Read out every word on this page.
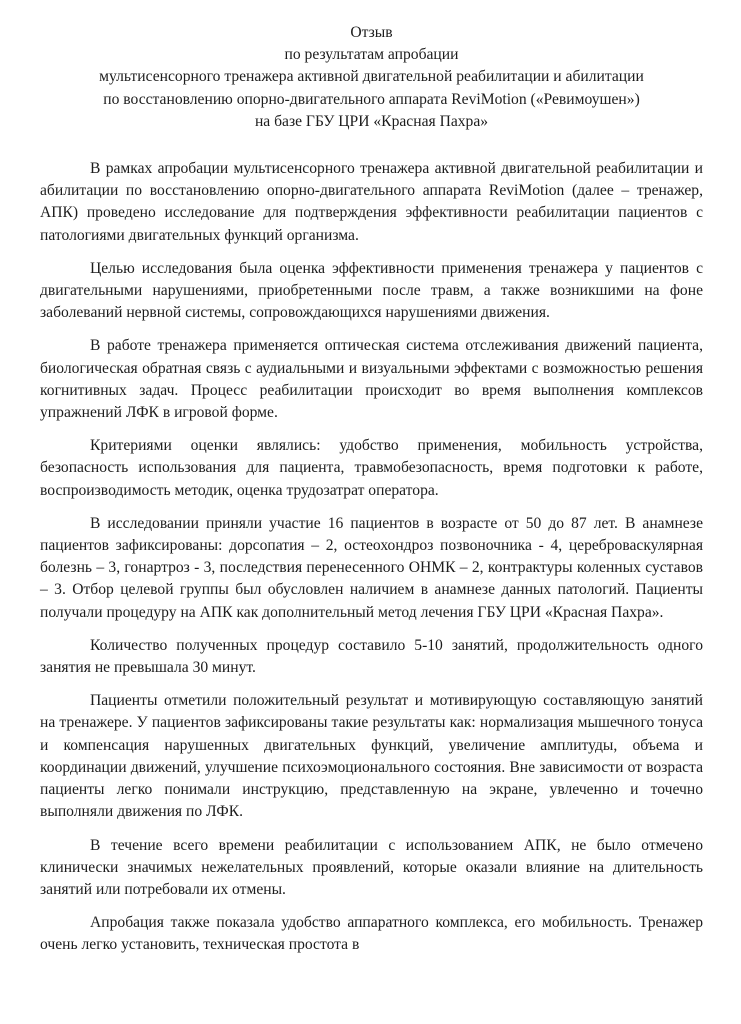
Отзыв
по результатам апробации
мультисенсорного тренажера активной двигательной реабилитации и абилитации
по восстановлению опорно-двигательного аппарата ReviMotion («Ревимоушен»)
на базе ГБУ ЦРИ «Красная Пахра»

В рамках апробации мультисенсорного тренажера активной двигательной реабилитации и абилитации по восстановлению опорно-двигательного аппарата ReviMotion (далее – тренажер, АПК) проведено исследование для подтверждения эффективности реабилитации пациентов с патологиями двигательных функций организма.

Целью исследования была оценка эффективности применения тренажера у пациентов с двигательными нарушениями, приобретенными после травм, а также возникшими на фоне заболеваний нервной системы, сопровождающихся нарушениями движения.

В работе тренажера применяется оптическая система отслеживания движений пациента, биологическая обратная связь с аудиальными и визуальными эффектами с возможностью решения когнитивных задач. Процесс реабилитации происходит во время выполнения комплексов упражнений ЛФК в игровой форме.

Критериями оценки являлись: удобство применения, мобильность устройства, безопасность использования для пациента, травмобезопасность, время подготовки к работе, воспроизводимость методик, оценка трудозатрат оператора.

В исследовании приняли участие 16 пациентов в возрасте от 50 до 87 лет. В анамнезе пациентов зафиксированы: дорсопатия – 2, остеохондроз позвоночника - 4, цереброваскулярная болезнь – 3, гонартроз - 3, последствия перенесенного ОНМК – 2, контрактуры коленных суставов – 3. Отбор целевой группы был обусловлен наличием в анамнезе данных патологий. Пациенты получали процедуру на АПК как дополнительный метод лечения ГБУ ЦРИ «Красная Пахра».

Количество полученных процедур составило 5-10 занятий, продолжительность одного занятия не превышала 30 минут.

Пациенты отметили положительный результат и мотивирующую составляющую занятий на тренажере. У пациентов зафиксированы такие результаты как: нормализация мышечного тонуса и компенсация нарушенных двигательных функций, увеличение амплитуды, объема и координации движений, улучшение психоэмоционального состояния. Вне зависимости от возраста пациенты легко понимали инструкцию, представленную на экране, увлеченно и точечно выполняли движения по ЛФК.

В течение всего времени реабилитации с использованием АПК, не было отмечено клинически значимых нежелательных проявлений, которые оказали влияние на длительность занятий или потребовали их отмены.

Апробация также показала удобство аппаратного комплекса, его мобильность. Тренажер очень легко установить, техническая простота в
